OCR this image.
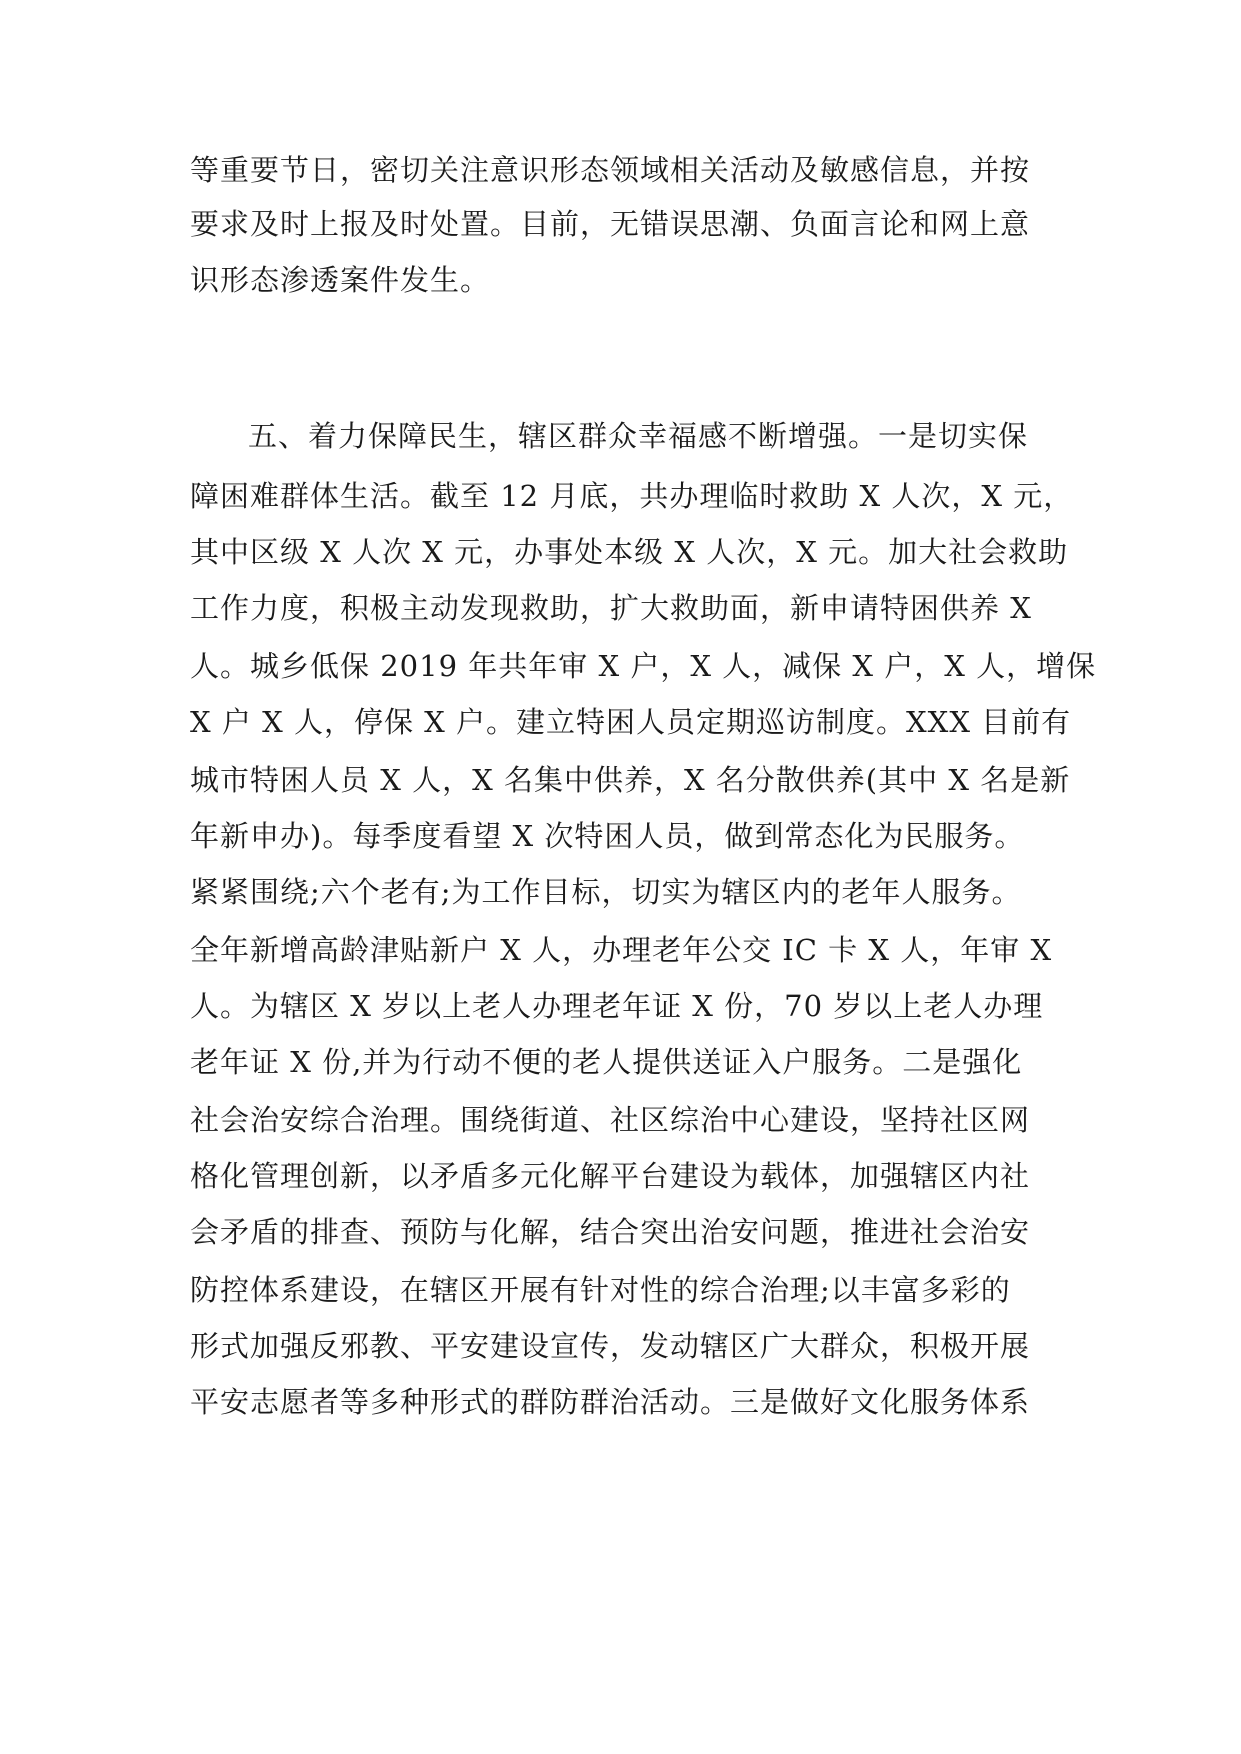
等重要节日，密切关注意识形态领域相关活动及敏感信息，并按
要求及时上报及时处置。目前，无错误思潮、负面言论和网上意
识形态渗透案件发生。
五、着力保障民生，辖区群众幸福感不断增强。一是切实保
障困难群体生活。截至 12 月底，共办理临时救助 X 人次，X 元，
其中区级 X 人次 X 元，办事处本级 X 人次，X 元。加大社会救助
工作力度，积极主动发现救助，扩大救助面，新申请特困供养 X
人。城乡低保 2019 年共年审 X 户，X 人，减保 X 户，X 人，增保
X 户 X 人，停保 X 户。建立特困人员定期巡访制度。XXX 目前有
城市特困人员 X 人，X 名集中供养，X 名分散供养(其中 X 名是新
年新申办)。每季度看望 X 次特困人员，做到常态化为民服务。
紧紧围绕;六个老有;为工作目标，切实为辖区内的老年人服务。
全年新增高龄津贴新户 X 人，办理老年公交 IC 卡 X 人，年审 X
人。为辖区 X 岁以上老人办理老年证 X 份，70 岁以上老人办理
老年证 X 份,并为行动不便的老人提供送证入户服务。二是强化
社会治安综合治理。围绕街道、社区综治中心建设，坚持社区网
格化管理创新，以矛盾多元化解平台建设为载体，加强辖区内社
会矛盾的排查、预防与化解，结合突出治安问题，推进社会治安
防控体系建设，在辖区开展有针对性的综合治理;以丰富多彩的
形式加强反邪教、平安建设宣传，发动辖区广大群众，积极开展
平安志愿者等多种形式的群防群治活动。三是做好文化服务体系
